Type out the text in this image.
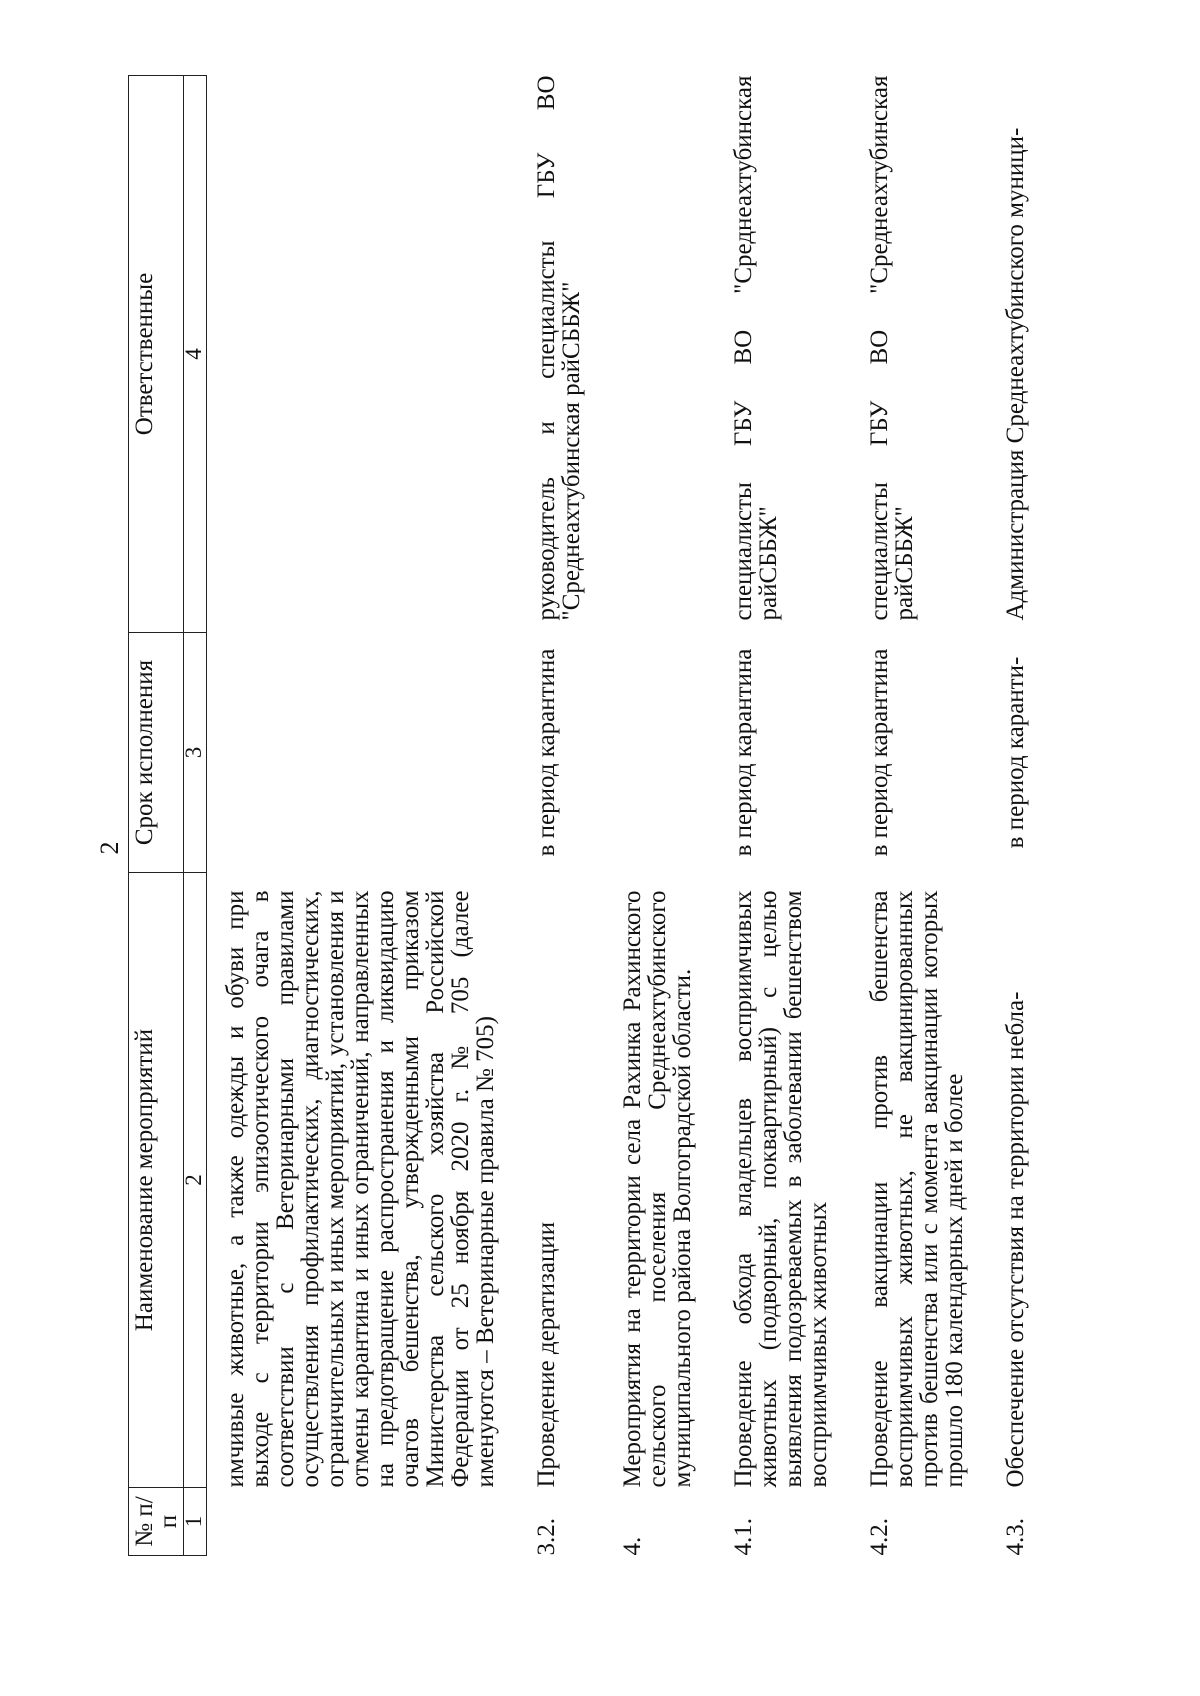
2
№ п/п	Наименование мероприятий	Срок исполнения	Ответственные
1	2	3	4
	имчивые животные, а также одежды и обуви при выходе с территории эпизоотического очага в соответствии с Ветеринарными правилами осуществления профилактических, диагностических, ограничительных и иных мероприятий, установления и отмены карантина и иных ограничений, направленных на предотвращение распространения и ликвидацию очагов бешенства, утвержденными приказом Министерства сельского хозяйства Российской Федерации от 25 ноября 2020 г. № 705 (далее именуются – Ветеринарные правила № 705)		
3.2.	Проведение дератизации	в период карантина	руководитель и специалисты ГБУ ВО "Среднеахтубинская райСББЖ"
4.	Мероприятия на территории села Рахинка Рахинского сельского поселения Среднеахтубинского муниципального района Волгоградской области.		
4.1.	Проведение обхода владельцев восприимчивых животных (подворный, поквартирный) с целью выявления подозреваемых в заболевании бешенством восприимчивых животных	в период карантина	специалисты ГБУ ВО "Среднеахтубинская райСББЖ"
4.2.	Проведение вакцинации против бешенства восприимчивых животных, не вакцинированных против бешенства или с момента вакцинации которых прошло 180 календарных дней и более	в период карантина	специалисты ГБУ ВО "Среднеахтубинская райСББЖ"
4.3.	Обеспечение отсутствия на территории небла-	в период каранти-	Администрация Среднеахтубинского муници-
